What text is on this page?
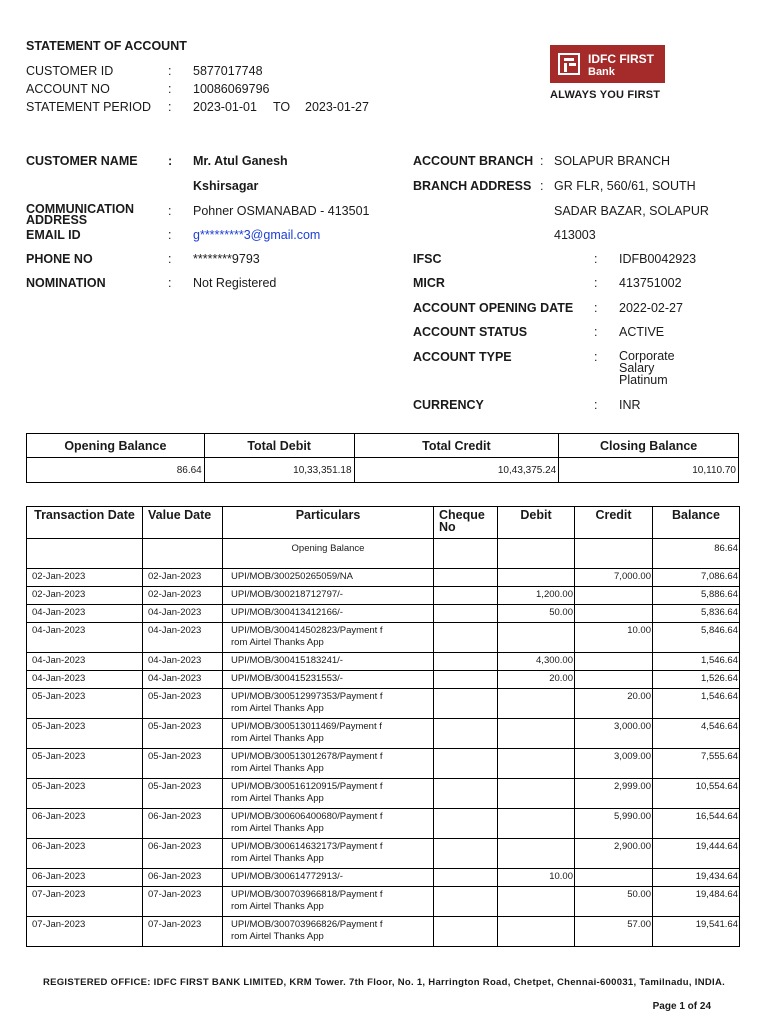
STATEMENT OF ACCOUNT
CUSTOMER ID	: 5877017748
ACCOUNT NO	: 10086069796
STATEMENT PERIOD : 2023-01-01 TO 2023-01-27
IDFC FIRST
Bank
ALWAYS YOU FIRST
CUSTOMER NAME : Mr. Atul Ganesh
Kshirsagar
COMMUNICATION
ADDRESS
: Pohner OSMANABAD - 413501
EMAIL ID	: g*********3@gmail.com
PHONE NO	: ********9793
NOMINATION	: Not Registered
ACCOUNT BRANCH : SOLAPUR BRANCH
BRANCH ADDRESS : GR FLR, 560/61, SOUTH
SADAR BAZAR, SOLAPUR
413003
IFSC	: IDFB0042923
MICR	: 413751002
ACCOUNT OPENING DATE : 2022-02-27
ACCOUNT STATUS	: ACTIVE
ACCOUNT TYPE	: Corporate
Salary
Platinum
CURRENCY	: INR
Opening Balance	Total Debit	Total Credit	Closing Balance
86.64	10,33,351.18	10,43,375.24	10,110.70
Transaction Date	Value Date	Particulars	Cheque
No	Debit	Credit	Balance
		Opening Balance				86.64
02-Jan-2023	02-Jan-2023	UPI/MOB/300250265059/NA			7,000.00	7,086.64
02-Jan-2023	02-Jan-2023	UPI/MOB/300218712797/-		1,200.00		5,886.64
04-Jan-2023	04-Jan-2023	UPI/MOB/300413412166/-		50.00		5,836.64
04-Jan-2023	04-Jan-2023	UPI/MOB/300414502823/Payment f
rom Airtel Thanks App			10.00	5,846.64
04-Jan-2023	04-Jan-2023	UPI/MOB/300415183241/-		4,300.00		1,546.64
04-Jan-2023	04-Jan-2023	UPI/MOB/300415231553/-		20.00		1,526.64
05-Jan-2023	05-Jan-2023	UPI/MOB/300512997353/Payment f
rom Airtel Thanks App			20.00	1,546.64
05-Jan-2023	05-Jan-2023	UPI/MOB/300513011469/Payment f
rom Airtel Thanks App			3,000.00	4,546.64
05-Jan-2023	05-Jan-2023	UPI/MOB/300513012678/Payment f
rom Airtel Thanks App			3,009.00	7,555.64
05-Jan-2023	05-Jan-2023	UPI/MOB/300516120915/Payment f
rom Airtel Thanks App			2,999.00	10,554.64
06-Jan-2023	06-Jan-2023	UPI/MOB/300606400680/Payment f
rom Airtel Thanks App			5,990.00	16,544.64
06-Jan-2023	06-Jan-2023	UPI/MOB/300614632173/Payment f
rom Airtel Thanks App			2,900.00	19,444.64
06-Jan-2023	06-Jan-2023	UPI/MOB/300614772913/-		10.00		19,434.64
07-Jan-2023	07-Jan-2023	UPI/MOB/300703966818/Payment f
rom Airtel Thanks App			50.00	19,484.64
07-Jan-2023	07-Jan-2023	UPI/MOB/300703966826/Payment f
rom Airtel Thanks App			57.00	19,541.64
REGISTERED OFFICE: IDFC FIRST BANK LIMITED, KRM Tower. 7th Floor, No. 1, Harrington Road, Chetpet, Chennai-600031, Tamilnadu, INDIA.
Page 1 of 24
